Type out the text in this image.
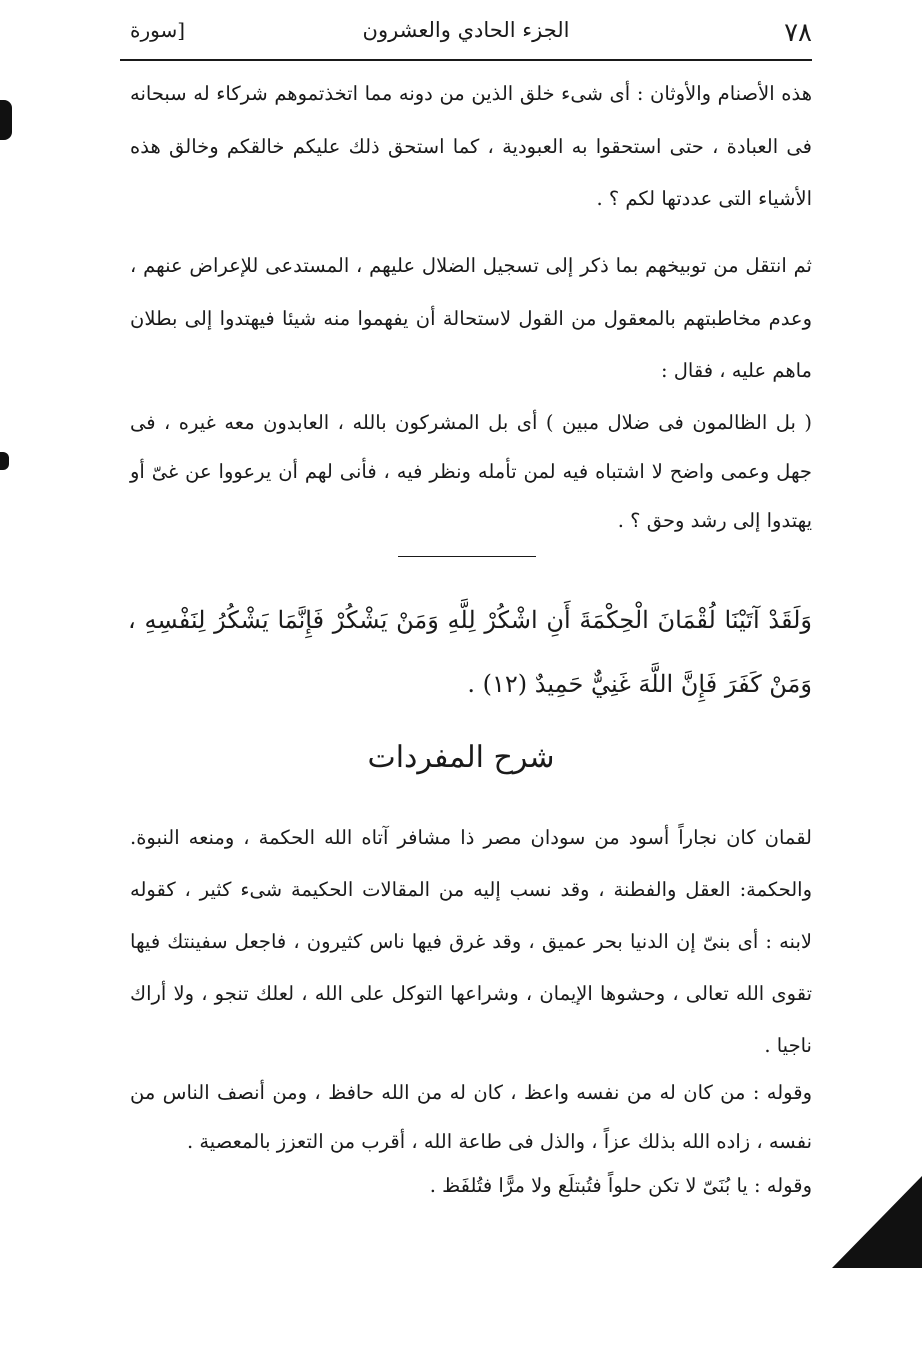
٧٨
الجزء الحادي والعشرون
[سورة

هذه الأصنام والأوثان : أى شىء خلق الذين من دونه مما اتخذتموهم شركاء له سبحانه فى العبادة ، حتى استحقوا به العبودية ، كما استحق ذلك عليكم خالقكم وخالق هذه الأشياء التى عددتها لكم ؟ .

ثم انتقل من توبيخهم بما ذكر إلى تسجيل الضلال عليهم ، المستدعى للإعراض عنهم ، وعدم مخاطبتهم بالمعقول من القول لاستحالة أن يفهموا منه شيئا فيهتدوا إلى بطلان ماهم عليه ، فقال :

( بل الظالمون فى ضلال مبين ) أى بل المشركون بالله ، العابدون معه غيره ، فى جهل وعمى واضح لا اشتباه فيه لمن تأمله ونظر فيه ، فأنى لهم أن يرعووا عن غىّ أو يهتدوا إلى رشد وحق ؟ .

وَلَقَدْ آتَيْنَا لُقْمَانَ الْحِكْمَةَ أَنِ اشْكُرْ لِلَّهِ وَمَنْ يَشْكُرْ فَإِنَّمَا يَشْكُرُ لِنَفْسِهِ ، وَمَنْ كَفَرَ فَإِنَّ اللَّهَ غَنِيٌّ حَمِيدٌ (١٢) .

شرح المفردات

لقمان كان نجاراً أسود من سودان مصر ذا مشافر آتاه الله الحكمة ، ومنعه النبوة. والحكمة: العقل والفطنة ، وقد نسب إليه من المقالات الحكيمة شىء كثير ، كقوله لابنه : أى بنىّ إن الدنيا بحر عميق ، وقد غرق فيها ناس كثيرون ، فاجعل سفينتك فيها تقوى الله تعالى ، وحشوها الإيمان ، وشراعها التوكل على الله ، لعلك تنجو ، ولا أراك ناجيا .

وقوله : من كان له من نفسه واعظ ، كان له من الله حافظ ، ومن أنصف الناس من نفسه ، زاده الله بذلك عزاً ، والذل فى طاعة الله ، أقرب من التعزز بالمعصية .

وقوله : يا بُنَىّ لا تكن حلواً فتُبتلَع ولا مرًّا فتُلفَظ .
